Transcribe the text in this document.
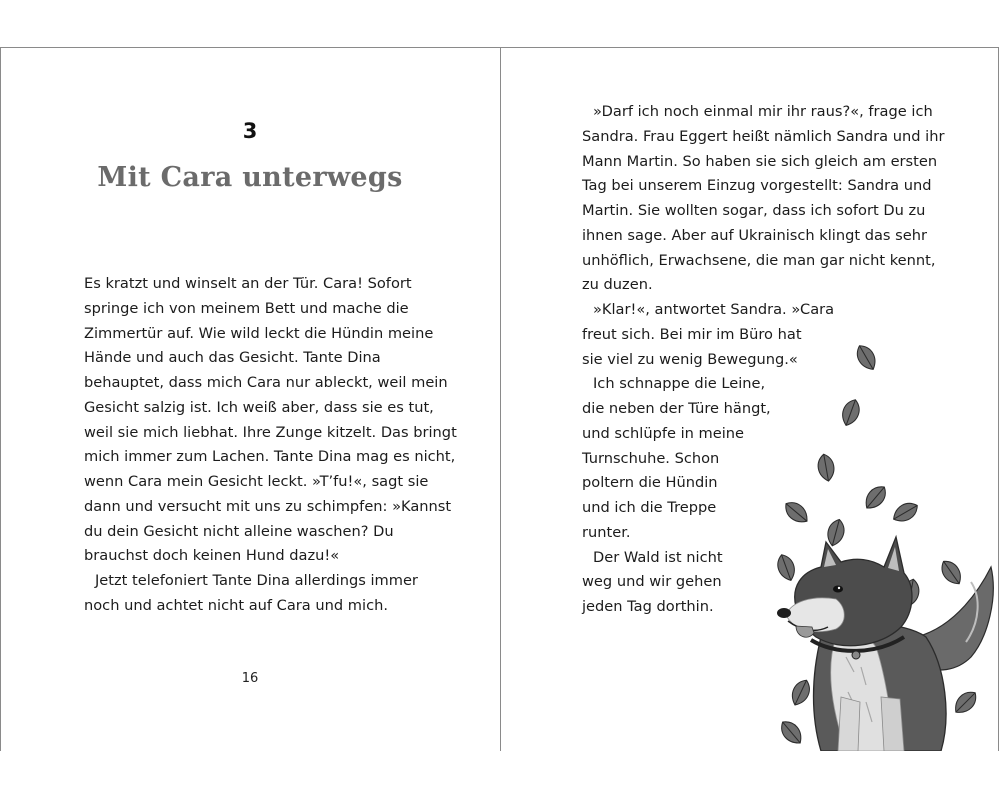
3
Mit Cara unterwegs
Es kratzt und winselt an der Tür. Cara! Sofort
springe ich von meinem Bett und mache die
Zimmertür auf. Wie wild leckt die Hündin meine
Hände und auch das Gesicht. Tante Dina
behauptet, dass mich Cara nur ableckt, weil mein
Gesicht salzig ist. Ich weiß aber, dass sie es tut,
weil sie mich liebhat. Ihre Zunge kitzelt. Das bringt
mich immer zum Lachen. Tante Dina mag es nicht,
wenn Cara mein Gesicht leckt. »T’fu!«, sagt sie
dann und versucht mit uns zu schimpfen: »Kannst
du dein Gesicht nicht alleine waschen? Du
brauchst doch keinen Hund dazu!«
Jetzt telefoniert Tante Dina allerdings immer
noch und achtet nicht auf Cara und mich.
16
»Darf ich noch einmal mir ihr raus?«, frage ich
Sandra. Frau Eggert heißt nämlich Sandra und ihr
Mann Martin. So haben sie sich gleich am ersten
Tag bei unserem Einzug vorgestellt: Sandra und
Martin. Sie wollten sogar, dass ich sofort Du zu
ihnen sage. Aber auf Ukrainisch klingt das sehr
unhöflich, Erwachsene, die man gar nicht kennt,
zu duzen.
»Klar!«, antwortet Sandra. »Cara
freut sich. Bei mir im Büro hat
sie viel zu wenig Bewegung.«
Ich schnappe die Leine,
die neben der Türe hängt,
und schlüpfe in meine
Turnschuhe. Schon
poltern die Hündin
und ich die Treppe
runter.
Der Wald ist nicht
weg und wir gehen
jeden Tag dorthin.
